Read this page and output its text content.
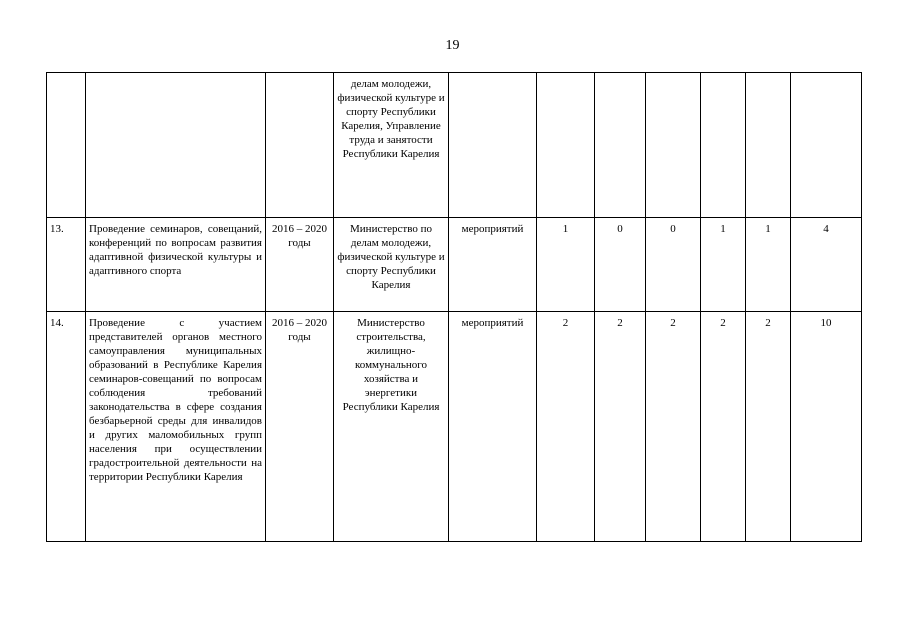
19
			делам молодежи, физической культуре и спорту Республики Карелия, Управление труда и занятости Республики Карелия							
13.	Проведение семинаров, совещаний, конференций по вопросам развития адаптивной физической культуры и адаптивного спорта	2016 – 2020 годы	Министерство по делам молодежи, физической культуре и спорту Республики Карелия	мероприятий	1	0	0	1	1	4
14.	Проведение с участием представителей органов местного самоуправления муниципальных образований в Республике Карелия семинаров-совещаний по вопросам соблюдения требований законодательства в сфере создания безбарьерной среды для инвалидов и других маломобильных групп населения при осуществлении градостроительной деятельности на территории Республики Карелия	2016 – 2020 годы	Министерство строительства, жилищно-коммунального хозяйства и энергетики Республики Карелия	мероприятий	2	2	2	2	2	10
